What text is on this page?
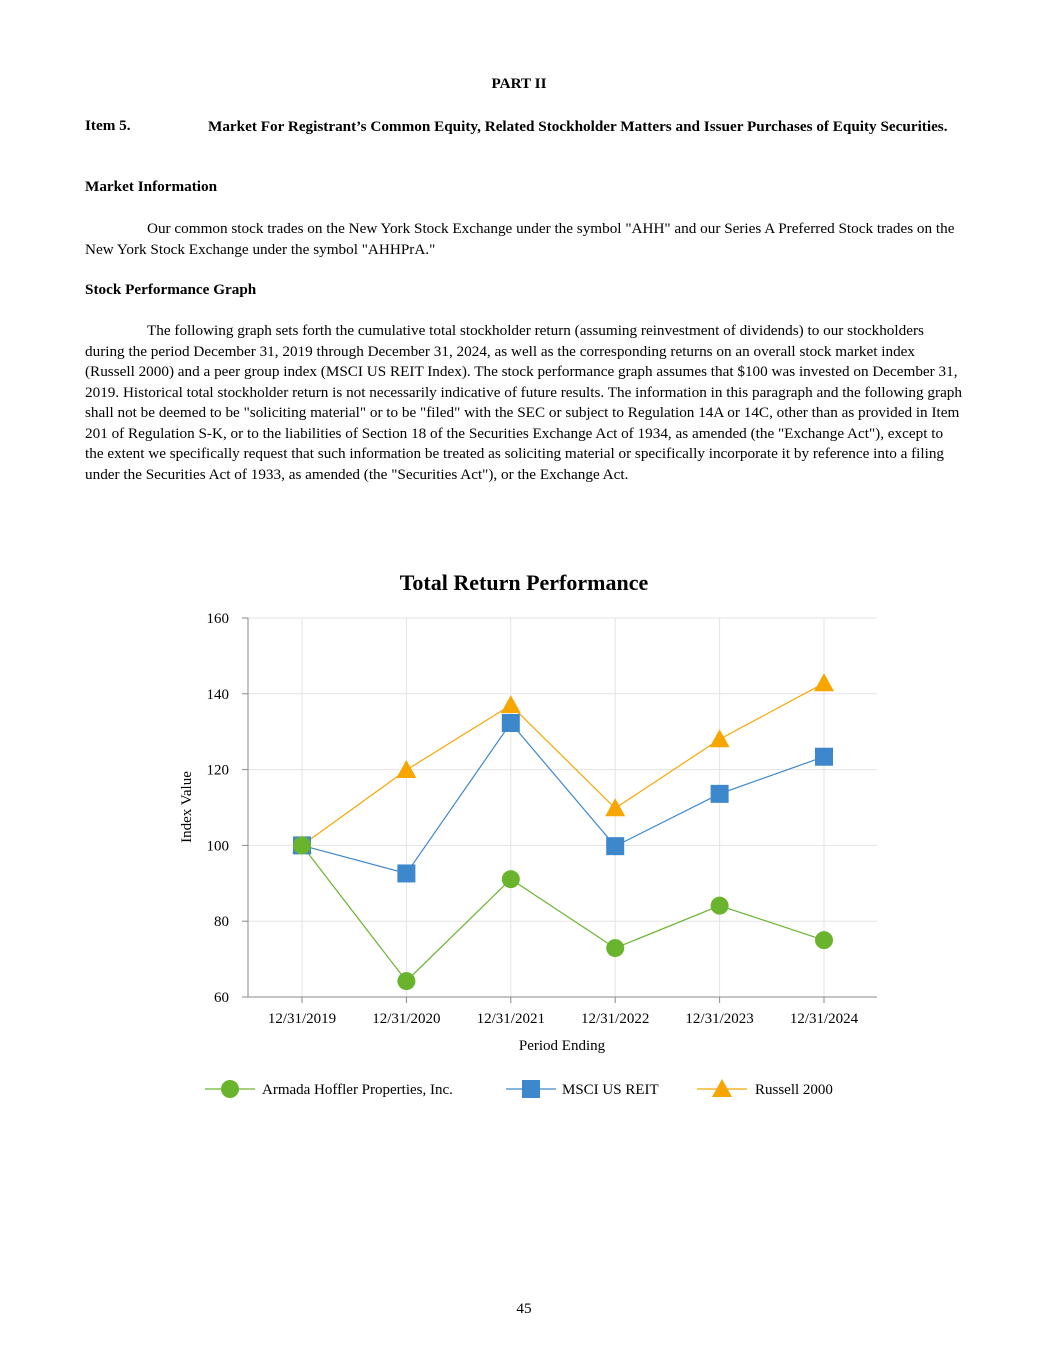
PART II
Item 5.	Market For Registrant’s Common Equity, Related Stockholder Matters and Issuer Purchases of Equity Securities.

Market Information

Our common stock trades on the New York Stock Exchange under the symbol "AHH" and our Series A Preferred Stock trades on the New York Stock Exchange under the symbol "AHHPrA."

Stock Performance Graph

The following graph sets forth the cumulative total stockholder return (assuming reinvestment of dividends) to our stockholders during the period December 31, 2019 through December 31, 2024, as well as the corresponding returns on an overall stock market index (Russell 2000) and a peer group index (MSCI US REIT Index). The stock performance graph assumes that $100 was invested on December 31, 2019. Historical total stockholder return is not necessarily indicative of future results. The information in this paragraph and the following graph shall not be deemed to be "soliciting material" or to be "filed" with the SEC or subject to Regulation 14A or 14C, other than as provided in Item 201 of Regulation S-K, or to the liabilities of Section 18 of the Securities Exchange Act of 1934, as amended (the "Exchange Act"), except to the extent we specifically request that such information be treated as soliciting material or specifically incorporate it by reference into a filing under the Securities Act of 1933, as amended (the "Securities Act"), or the Exchange Act.

Total Return Performance
60
80
100
120
140
160
12/31/2019 12/31/2020 12/31/2021 12/31/2022 12/31/2023 12/31/2024
Period Ending
Index Value
Armada Hoffler Properties, Inc.	MSCI US REIT	Russell 2000
45
